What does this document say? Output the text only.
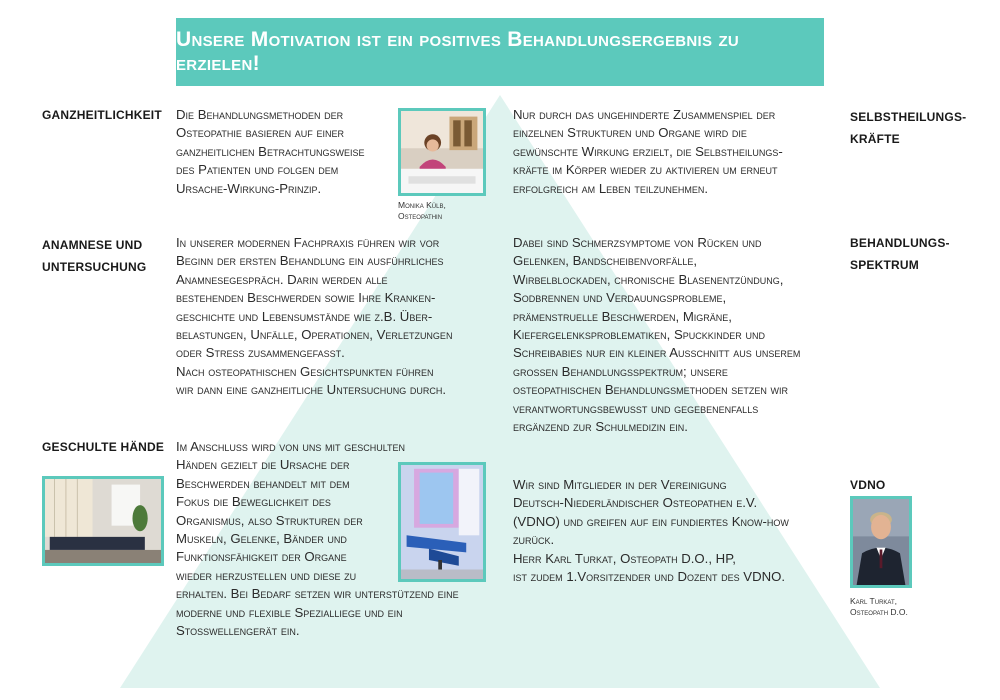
Unsere Motivation ist ein positives Behandlungsergebnis zu erzielen!
GANZHEITLICHKEIT	Die Behandlungsmethoden der
Osteopathie basieren auf einer
ganzheitlichen Betrachtungsweise
des Patienten und folgen dem
Ursache-Wirkung-Prinzip.
Monika Külb,
Osteopathin
Nur durch das ungehinderte Zusammenspiel der
einzelnen Strukturen und Organe wird die
gewünschte Wirkung erzielt, die Selbstheilungs-
kräfte im Körper wieder zu aktivieren um erneut
erfolgreich am Leben teilzunehmen.
SELBSTHEILUNGS-
KRÄFTE
ANAMNESE UND
UNTERSUCHUNG
In unserer modernen Fachpraxis führen wir vor
Beginn der ersten Behandlung ein ausführliches
Anamnesegespräch. Darin werden alle
bestehenden Beschwerden sowie Ihre Kranken-
geschichte und Lebensumstände wie z.B. Über-
belastungen, Unfälle, Operationen, Verletzungen
oder Stress zusammengefasst.
Nach osteopathischen Gesichtspunkten führen
wir dann eine ganzheitliche Untersuchung durch.
Dabei sind Schmerzsymptome von Rücken und
Gelenken, Bandscheibenvorfälle,
Wirbelblockaden, chronische Blasenentzündung,
Sodbrennen und Verdauungsprobleme,
prämenstruelle Beschwerden, Migräne,
Kiefergelenksproblematiken, Spuckkinder und
Schreibabies nur ein kleiner Ausschnitt aus unserem
großen Behandlungsspektrum; unsere
osteopathischen Behandlungsmethoden setzen wir
verantwortungsbewusst und gegebenenfalls
ergänzend zur Schulmedizin ein.
BEHANDLUNGS-
SPEKTRUM
GESCHULTE HÄNDE Im Anschluss wird von uns mit geschulten
Händen gezielt die Ursache der
Beschwerden behandelt mit dem
Fokus die Beweglichkeit des
Organismus, also Strukturen der
Muskeln, Gelenke, Bänder und
Funktionsfähigkeit der Organe
wieder herzustellen und diese zu
erhalten. Bei Bedarf setzen wir unterstützend eine
moderne und flexible Spezialliege und ein
Stoßwellengerät ein.
Wir sind Mitglieder in der Vereinigung
Deutsch-Niederländischer Osteopathen e.V.
(VDNO) und greifen auf ein fundiertes Know-how
zurück.
Herr Karl Turkat, Osteopath D.O., HP,
ist zudem 1.Vorsitzender und Dozent des VDNO.
VDNO
Karl Turkat,
Osteopath D.O.
